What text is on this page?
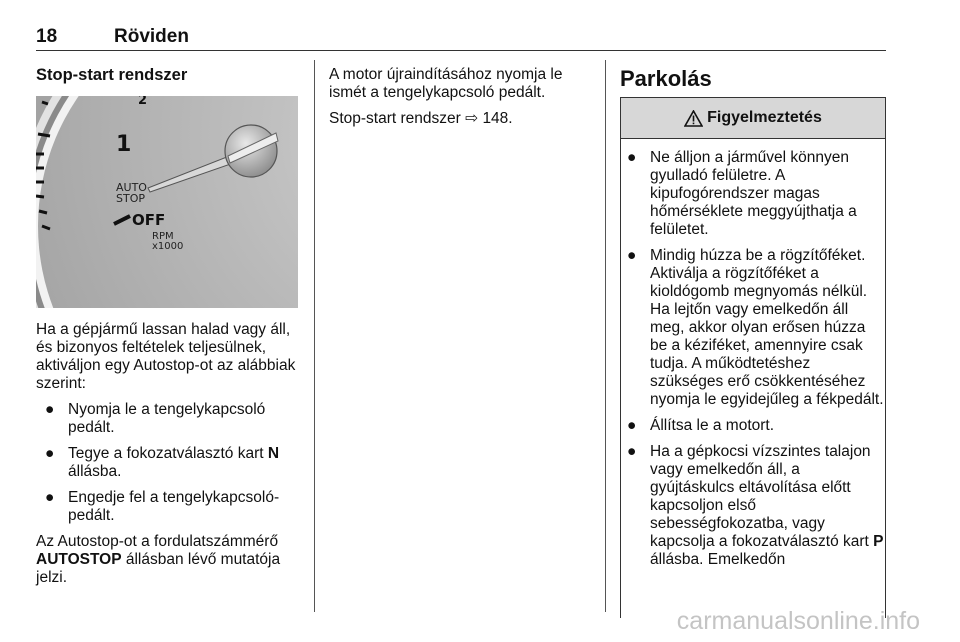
18	Röviden

Stop-start rendszer

2
1
AUTO
STOP
OFF
RPM
x1000

Ha a gépjármű lassan halad vagy áll, és bizonyos feltételek teljesülnek, aktiváljon egy Autostop-ot az alábbiak szerint:

● Nyomja le a tengelykapcsoló pedált.
● Tegye a fokozatválasztó kart N állásba.
● Engedje fel a tengelykapcsoló-pedált.

Az Autostop-ot a fordulatszámmérő AUTOSTOP állásban lévő mutatója jelzi.

A motor újraindításához nyomja le ismét a tengelykapcsoló pedált.

Stop-start rendszer ⇨ 148.

Parkolás
Figyelmeztetés
● Ne álljon a járművel könnyen gyulladó felületre. A kipufogórendszer magas hőmérséklete meggyújthatja a felületet.
● Mindig húzza be a rögzítőféket. Aktiválja a rögzítőféket a kioldógomb megnyomás nélkül. Ha lejtőn vagy emelkedőn áll meg, akkor olyan erősen húzza be a kéziféket, amennyire csak tudja. A működtetéshez szükséges erő csökkentéséhez nyomja le egyidejűleg a fékpedált.
● Állítsa le a motort.
● Ha a gépkocsi vízszintes talajon vagy emelkedőn áll, a gyújtáskulcs eltávolítása előtt kapcsoljon első sebességfokozatba, vagy kapcsolja a fokozatválasztó kart P állásba. Emelkedőn
carmanualsonline.info
